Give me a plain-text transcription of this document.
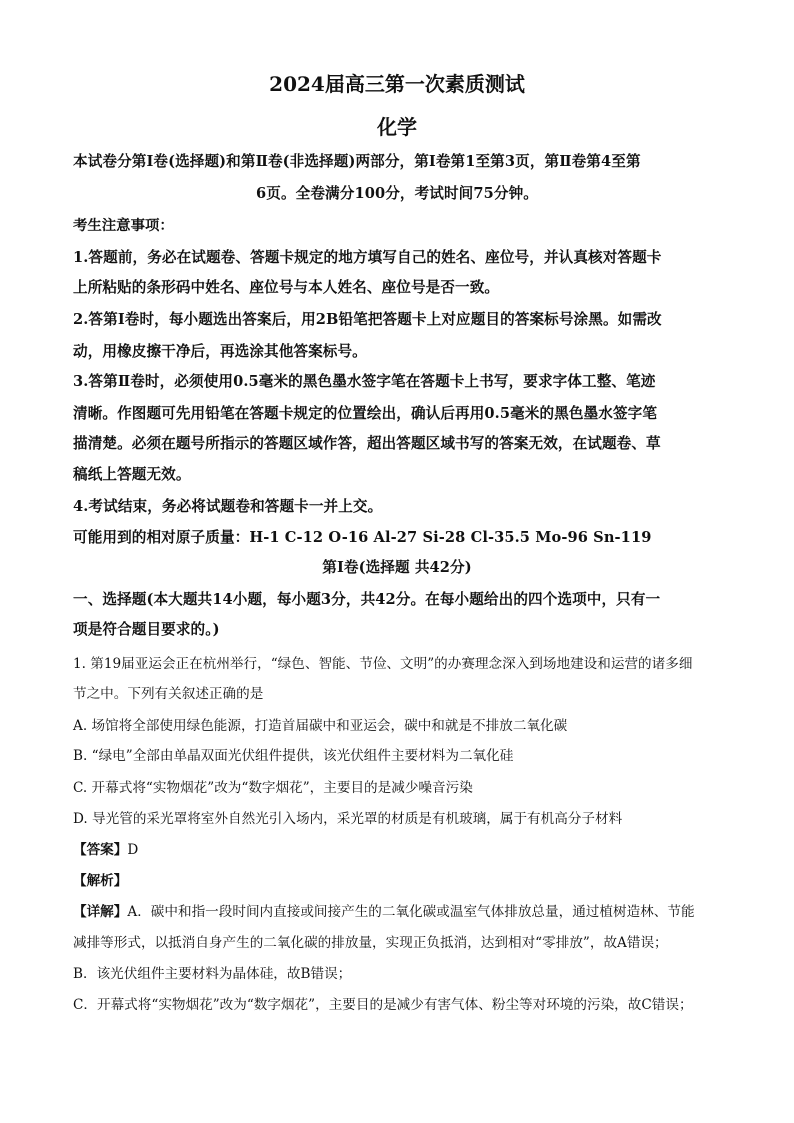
2024届高三第一次素质测试
化学
本试卷分第Ⅰ卷(选择题)和第Ⅱ卷(非选择题)两部分，第Ⅰ卷第1至第3页，第Ⅱ卷第4至第
6页。全卷满分100分，考试时间75分钟。
考生注意事项：
1.答题前，务必在试题卷、答题卡规定的地方填写自己的姓名、座位号，并认真核对答题卡
上所粘贴的条形码中姓名、座位号与本人姓名、座位号是否一致。
2.答第Ⅰ卷时，每小题选出答案后，用2B铅笔把答题卡上对应题目的答案标号涂黑。如需改
动，用橡皮擦干净后，再选涂其他答案标号。
3.答第Ⅱ卷时，必须使用0.5毫米的黑色墨水签字笔在答题卡上书写，要求字体工整、笔迹
清晰。作图题可先用铅笔在答题卡规定的位置绘出，确认后再用0.5毫米的黑色墨水签字笔
描清楚。必须在题号所指示的答题区域作答，超出答题区域书写的答案无效，在试题卷、草
稿纸上答题无效。
4.考试结束，务必将试题卷和答题卡一并上交。
可能用到的相对原子质量：H-1 C-12 O-16 Al-27 Si-28 Cl-35.5 Mo-96 Sn-119
第Ⅰ卷(选择题 共42分)
一、选择题(本大题共14小题，每小题3分，共42分。在每小题给出的四个选项中，只有一
项是符合题目要求的。)
1. 第19届亚运会正在杭州举行，“绿色、智能、节俭、文明”的办赛理念深入到场地建设和运营的诸多细
节之中。下列有关叙述正确的是
A. 场馆将全部使用绿色能源，打造首届碳中和亚运会，碳中和就是不排放二氧化碳
B. “绿电”全部由单晶双面光伏组件提供，该光伏组件主要材料为二氧化硅
C. 开幕式将“实物烟花”改为“数字烟花”，主要目的是减少噪音污染
D. 导光管的采光罩将室外自然光引入场内，采光罩的材质是有机玻璃，属于有机高分子材料
【答案】D
【解析】
【详解】A．碳中和指一段时间内直接或间接产生的二氧化碳或温室气体排放总量，通过植树造林、节能
减排等形式，以抵消自身产生的二氧化碳的排放量，实现正负抵消，达到相对“零排放”，故A错误；
B．该光伏组件主要材料为晶体硅，故B错误；
C．开幕式将“实物烟花”改为“数字烟花”，主要目的是减少有害气体、粉尘等对环境的污染，故C错误；
